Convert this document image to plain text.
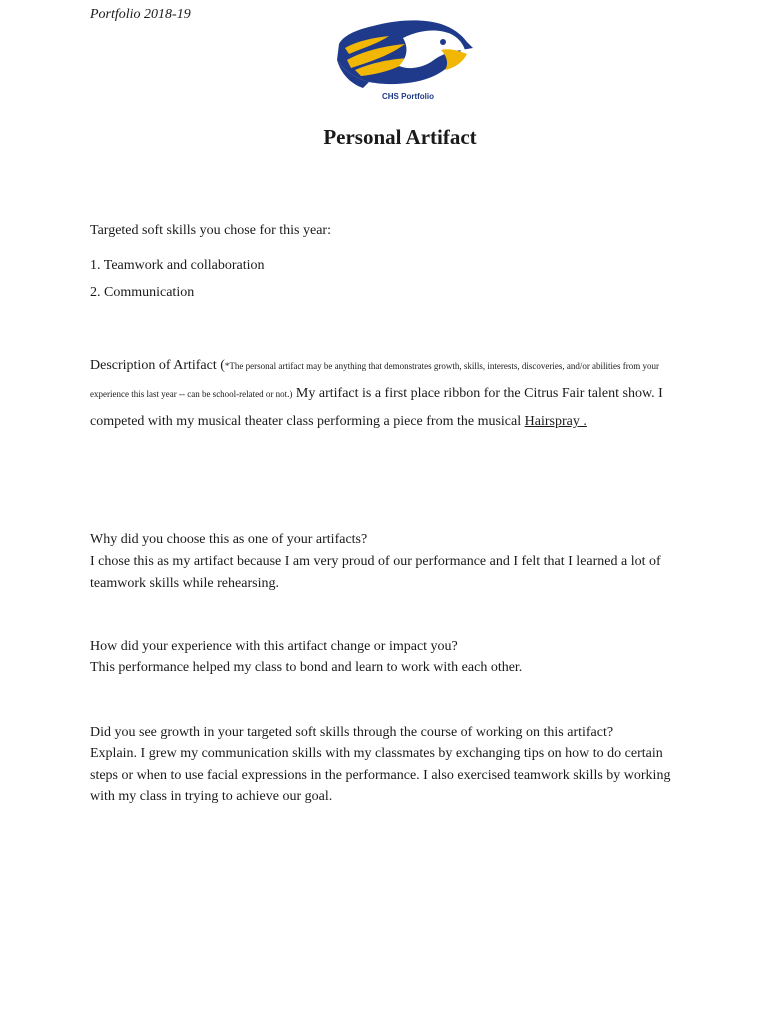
Portfolio 2018-19
CHS Portfolio
Personal Artifact
Targeted soft skills you chose for this year:
1. Teamwork and collaboration
2. Communication
Description of Artifact (*The personal artifact may be anything that demonstrates growth, skills, interests, discoveries, and/or abilities from your experience this last year -- can be school-related or not.) My artifact is a first place ribbon for the Citrus Fair talent show. I competed with my musical theater class performing a piece from the musical Hairspray .
Why did you choose this as one of your artifacts?
I chose this as my artifact because I am very proud of our performance and I felt that I learned a lot of teamwork skills while rehearsing.
How did your experience with this artifact change or impact you?
This performance helped my class to bond and learn to work with each other.
Did you see growth in your targeted soft skills through the course of working on this artifact?
Explain. I grew my communication skills with my classmates by exchanging tips on how to do certain steps or when to use facial expressions in the performance. I also exercised teamwork skills by working with my class in trying to achieve our goal.
